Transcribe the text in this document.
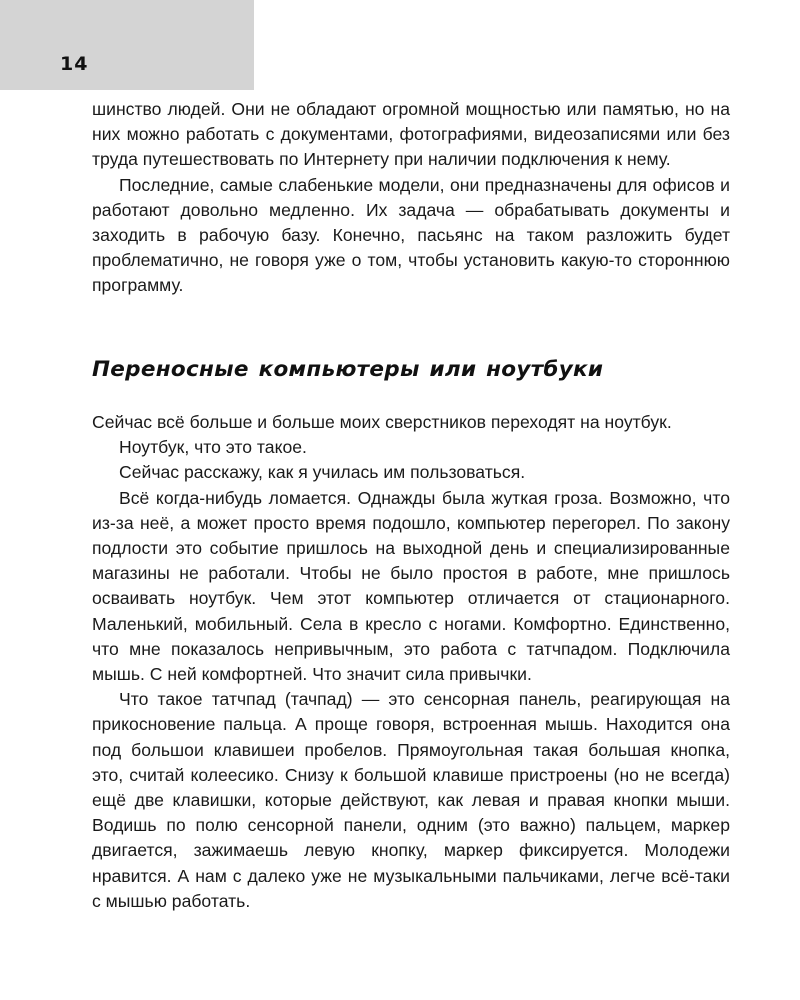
14

шинство людей. Они не обладают огромной мощностью или памятью, но на них можно работать с документами, фотографиями, видеозаписями или без труда путешествовать по Интернету при наличии подключения к нему.

Последние, самые слабенькие модели, они предназначены для офисов и работают довольно медленно. Их задача — обрабатывать документы и заходить в рабочую базу. Конечно, пасьянс на таком разложить будет проблематично, не говоря уже о том, чтобы установить какую-то стороннюю программу.

Переносные компьютеры или ноутбуки

Сейчас всё больше и больше моих сверстников переходят на ноутбук.

Ноутбук, что это такое.

Сейчас расскажу, как я училась им пользоваться.

Всё когда-нибудь ломается. Однажды была жуткая гроза. Возможно, что из-за неё, а может просто время подошло, компьютер перегорел. По закону подлости это событие пришлось на выходной день и специализированные магазины не работали. Чтобы не было простоя в работе, мне пришлось осваивать ноутбук. Чем этот компьютер отличается от стационарного. Маленький, мобильный. Села в кресло с ногами. Комфортно. Единственно, что мне показалось непривычным, это работа с татчпадом. Подключила мышь. С ней комфортней. Что значит сила привычки.

Что такое татчпад (тачпад) — это сенсорная панель, реагирующая на прикосновение пальца. А проще говоря, встроенная мышь. Находится она под большои клавишеи пробелов. Прямоугольная такая большая кнопка, это, считай колеесико. Снизу к большой клавише пристроены (но не всегда) ещё две клавишки, которые действуют, как левая и правая кнопки мыши. Водишь по полю сенсорной панели, одним (это важно) пальцем, маркер двигается, зажимаешь левую кнопку, маркер фиксируется. Молодежи нравится. А нам с далеко уже не музыкальными пальчиками, легче всё-таки с мышью работать.
